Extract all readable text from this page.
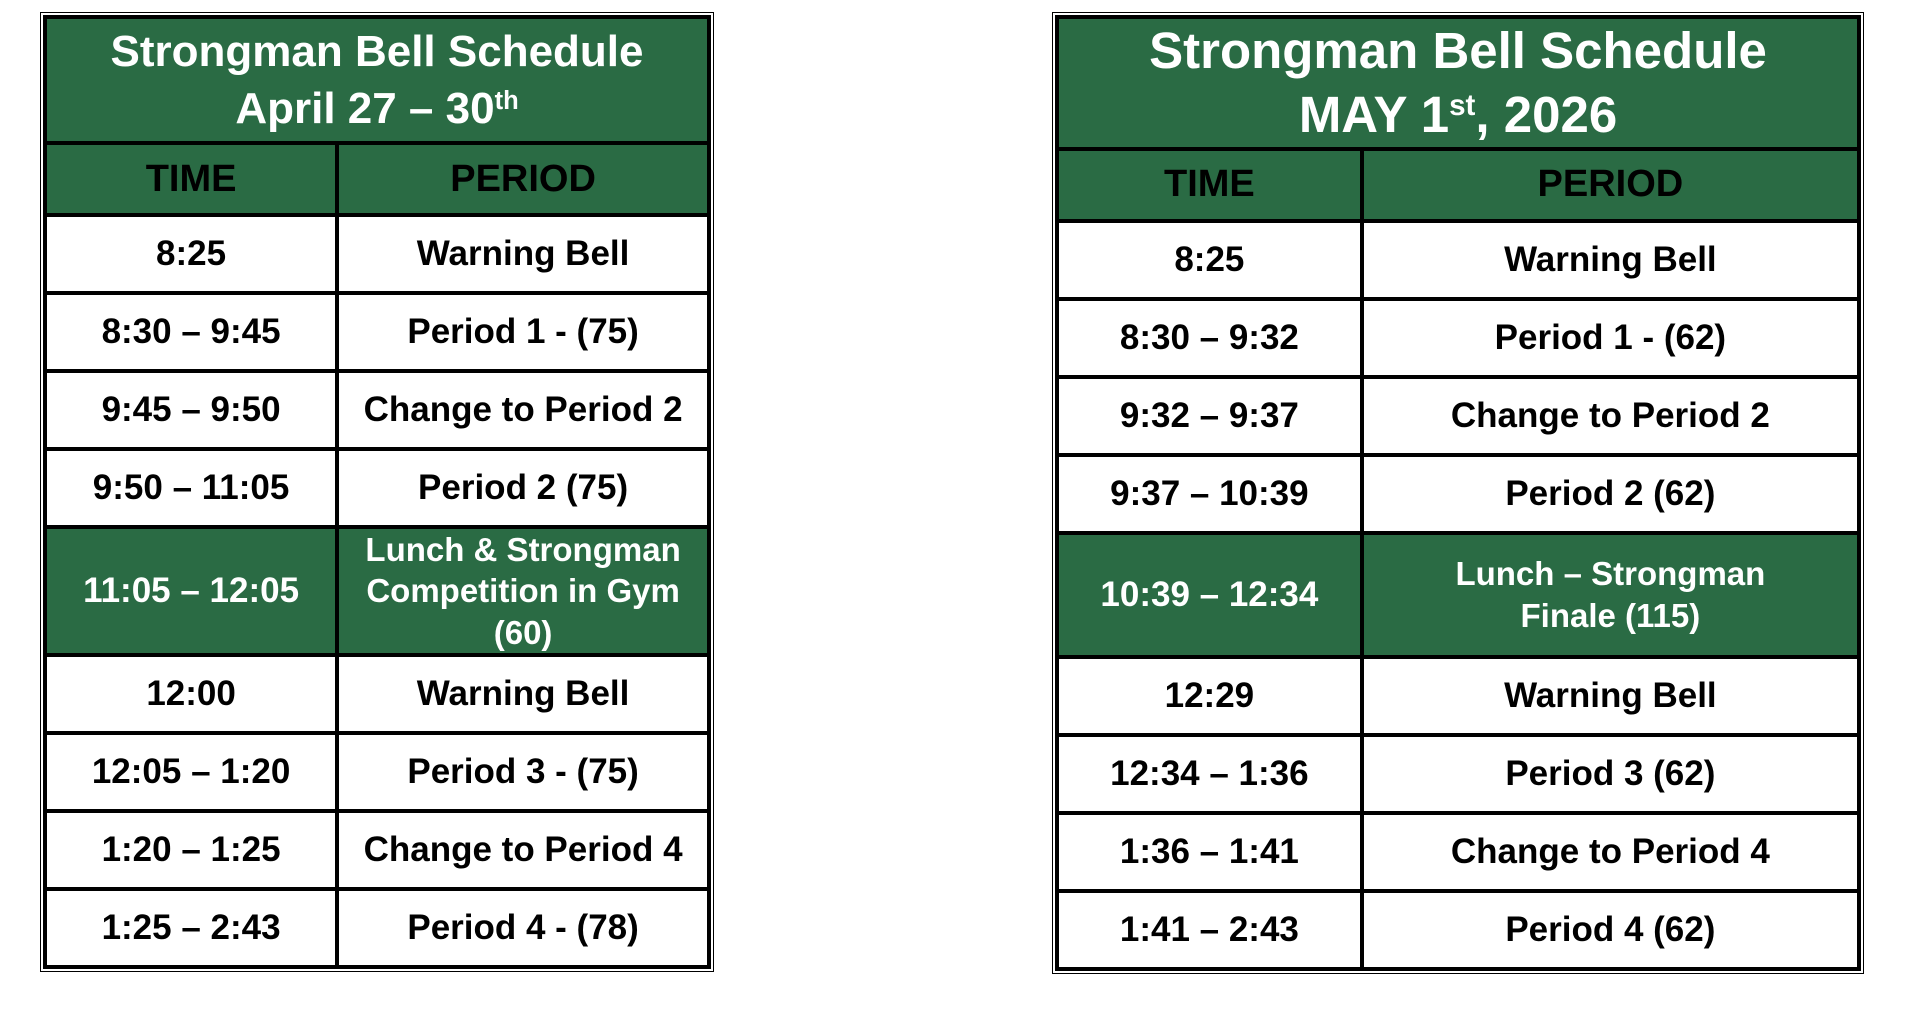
Strongman Bell Schedule
April 27 – 30th

TIME	PERIOD
8:25	Warning Bell
8:30 – 9:45	Period 1 - (75)
9:45 – 9:50	Change to Period 2
9:50 – 11:05	Period 2 (75)
11:05 – 12:05	Lunch & Strongman
Competition in Gym (60)

12:00	Warning Bell
12:05 – 1:20	Period 3 - (75)
1:20 – 1:25	Change to Period 4
1:25 – 2:43	Period 4 - (78)
Strongman Bell Schedule
MAY 1st, 2026	

TIME	PERIOD
8:25	Warning Bell
8:30 – 9:32	Period 1 - (62)
9:32 – 9:37	Change to Period 2
9:37 – 10:39	Period 2 (62)
10:39 – 12:34	Lunch – Strongman
Finale (115)

12:29	Warning Bell
12:34 – 1:36	Period 3 (62)
1:36 – 1:41	Change to Period 4
1:41 – 2:43	Period 4 (62)
